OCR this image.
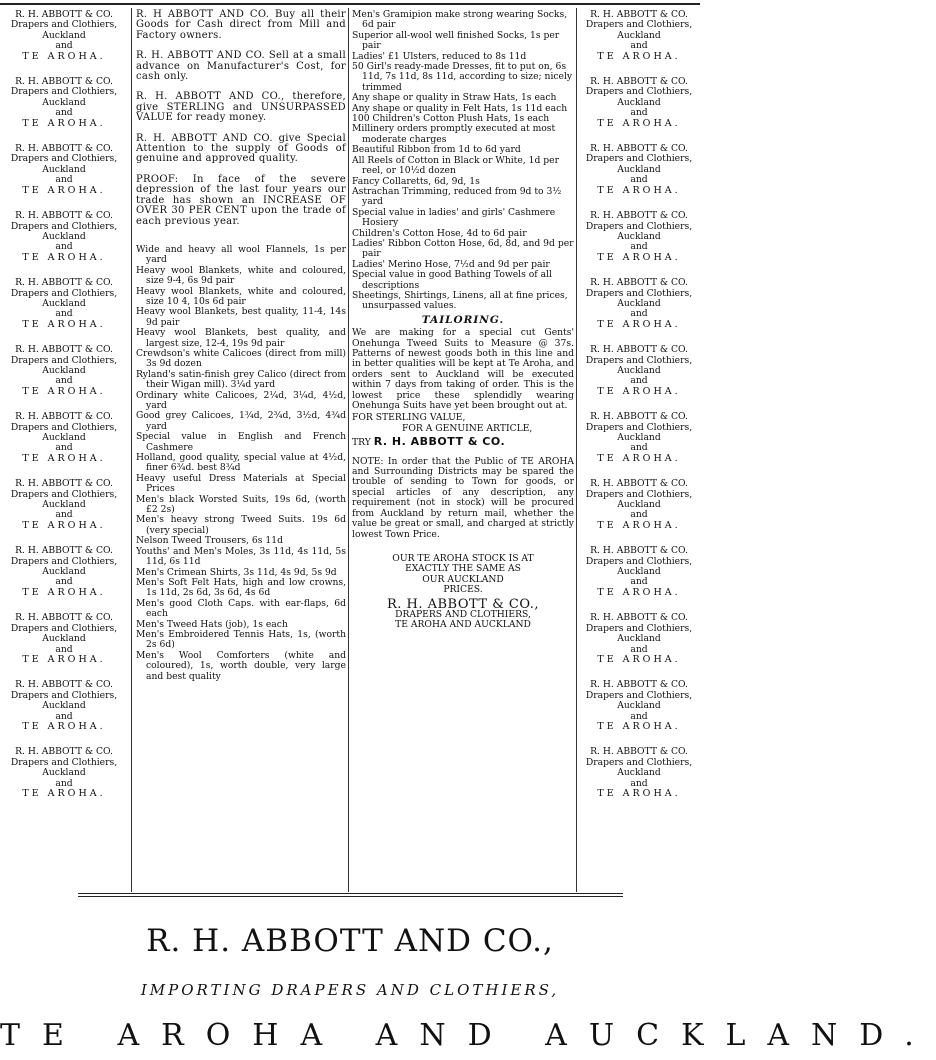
R. H. ABBOTT & CO.
Drapers and Clothiers,
Auckland
and
TE AROHA.
R. H. ABBOTT & CO.
Drapers and Clothiers,
Auckland
and
TE AROHA.
R. H. ABBOTT & CO.
Drapers and Clothiers,
Auckland
and
TE AROHA.
R. H. ABBOTT & CO.
Drapers and Clothiers,
Auckland
and
TE AROHA.
R. H. ABBOTT & CO.
Drapers and Clothiers,
Auckland
and
TE AROHA.
R. H. ABBOTT & CO.
Drapers and Clothiers,
Auckland
and
TE AROHA.
R. H. ABBOTT & CO.
Drapers and Clothiers,
Auckland
and
TE AROHA.
R. H. ABBOTT & CO.
Drapers and Clothiers,
Auckland
and
TE AROHA.
R. H. ABBOTT & CO.
Drapers and Clothiers,
Auckland
and
TE AROHA.
R. H. ABBOTT & CO.
Drapers and Clothiers,
Auckland
and
TE AROHA.
R. H. ABBOTT & CO.
Drapers and Clothiers,
Auckland
and
TE AROHA.
R. H. ABBOTT & CO.
Drapers and Clothiers,
Auckland
and
TE AROHA.

R. H ABBOTT AND CO. Buy all their Goods for Cash direct from Mill and Factory owners.

R. H. ABBOTT AND CO. Sell at a small advance on Manufacturer's Cost, for cash only.

R. H. ABBOTT AND CO., therefore, give STERLING and UNSURPASSED VALUE for ready money.

R. H. ABBOTT AND CO. give Special Attention to the supply of Goods of genuine and approved quality.

PROOF: In face of the severe depression of the last four years our trade has shown an INCREASE OF OVER 30 PER CENT upon the trade of each previous year.

Wide and heavy all wool Flannels, 1s per yard

Heavy wool Blankets, white and coloured, size 9-4, 6s 9d pair

Heavy wool Blankets, white and coloured, size 10 4, 10s 6d pair

Heavy wool Blankets, best quality, 11-4, 14s 9d pair

Heavy wool Blankets, best quality, and largest size, 12-4, 19s 9d pair

Crewdson's white Calicoes (direct from mill) 3s 9d dozen

Ryland's satin-finish grey Calico (direct from their Wigan mill). 3¼d yard

Ordinary white Calicoes, 2¼d, 3¼d, 4½d, yard

Good grey Calicoes, 1¾d, 2¾d, 3½d, 4¾d yard

Special value in English and French Cashmere

Holland, good quality, special value at 4½d, finer 6¾d. best 8¾d

Heavy useful Dress Materials at Special Prices

Men's black Worsted Suits, 19s 6d, (worth £2 2s)

Men's heavy strong Tweed Suits. 19s 6d (very special)

Nelson Tweed Trousers, 6s 11d

Youths' and Men's Moles, 3s 11d, 4s 11d, 5s 11d, 6s 11d

Men's Crimean Shirts, 3s 11d, 4s 9d, 5s 9d

Men's Soft Felt Hats, high and low crowns, 1s 11d, 2s 6d, 3s 6d, 4s 6d

Men's good Cloth Caps. with ear-flaps, 6d each

Men's Tweed Hats (job), 1s each

Men's Embroidered Tennis Hats, 1s, (worth 2s 6d)

Men's Wool Comforters (white and coloured), 1s, worth double, very large and best quality

Men's Gramipion make strong wearing Socks, 6d pair

Superior all-wool well finished Socks, 1s per pair

Ladies' £1 Ulsters, reduced to 8s 11d

50 Girl's ready-made Dresses, fit to put on, 6s 11d, 7s 11d, 8s 11d, according to size; nicely trimmed

Any shape or quality in Straw Hats, 1s each

Any shape or quality in Felt Hats, 1s 11d each

100 Children's Cotton Plush Hats, 1s each

Millinery orders promptly executed at most moderate charges

Beautiful Ribbon from 1d to 6d yard

All Reels of Cotton in Black or White, 1d per reel, or 10½d dozen

Fancy Collaretts, 6d, 9d, 1s

Astrachan Trimming, reduced from 9d to 3½ yard

Special value in ladies' and girls' Cashmere Hosiery

Children's Cotton Hose, 4d to 6d pair

Ladies' Ribbon Cotton Hose, 6d, 8d, and 9d per pair

Ladies' Merino Hose, 7½d and 9d per pair

Special value in good Bathing Towels of all descriptions

Sheetings, Shirtings, Linens, all at fine prices, unsurpassed values.

TAILORING.

We are making for a special cut Gents' Onehunga Tweed Suits to Measure @ 37s. Patterns of newest goods both in this line and in better qualities will be kept at Te Aroha, and orders sent to Auckland will be executed within 7 days from taking of order. This is the lowest price these splendidly wearing Onehunga Suits have yet been brought out at.

FOR STERLING VALUE,
FOR A GENUINE ARTICLE,
TRY R. H. ABBOTT & CO.

NOTE: In order that the Public of TE AROHA and Surrounding Districts may be spared the trouble of sending to Town for goods, or special articles of any description, any requirement (not in stock) will be procured from Auckland by return mail, whether the value be great or small, and charged at strictly lowest Town Price.

OUR TE AROHA STOCK IS AT
EXACTLY THE SAME AS
OUR AUCKLAND
PRICES.
R. H. ABBOTT & CO.,
DRAPERS AND CLOTHIERS,
TE AROHA AND AUCKLAND
R. H. ABBOTT & CO.
Drapers and Clothiers,
Auckland
and
TE AROHA.
R. H. ABBOTT & CO.
Drapers and Clothiers,
Auckland
and
TE AROHA.
R. H. ABBOTT & CO.
Drapers and Clothiers,
Auckland
and
TE AROHA.
R. H. ABBOTT & CO.
Drapers and Clothiers,
Auckland
and
TE AROHA.
R. H. ABBOTT & CO.
Drapers and Clothiers,
Auckland
and
TE AROHA.
R. H. ABBOTT & CO.
Drapers and Clothiers,
Auckland
and
TE AROHA.
R. H. ABBOTT & CO.
Drapers and Clothiers,
Auckland
and
TE AROHA.
R. H. ABBOTT & CO.
Drapers and Clothiers,
Auckland
and
TE AROHA.
R. H. ABBOTT & CO.
Drapers and Clothiers,
Auckland
and
TE AROHA.
R. H. ABBOTT & CO.
Drapers and Clothiers,
Auckland
and
TE AROHA.
R. H. ABBOTT & CO.
Drapers and Clothiers,
Auckland
and
TE AROHA.
R. H. ABBOTT & CO.
Drapers and Clothiers,
Auckland
and
TE AROHA.
R. H. ABBOTT AND CO.,
IMPORTING DRAPERS AND CLOTHIERS,
TE AROHA AND AUCKLAND.
